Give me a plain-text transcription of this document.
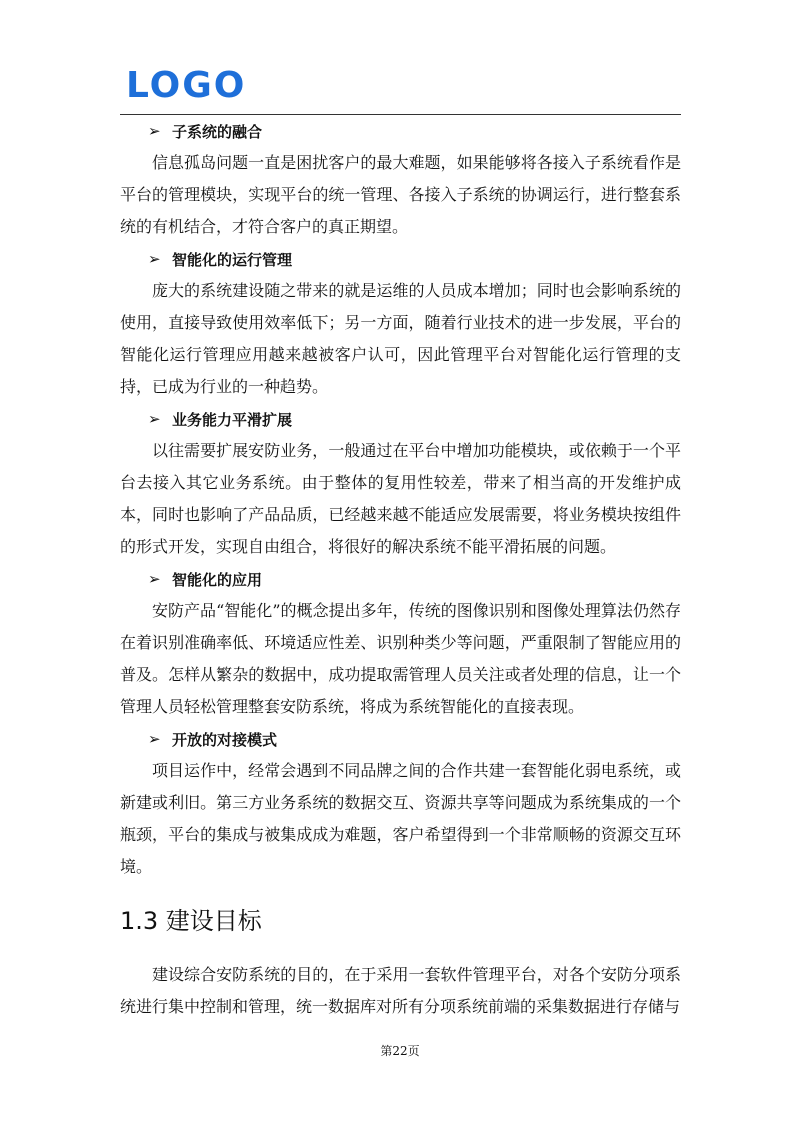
LOGO
➢ 子系统的融合

信息孤岛问题一直是困扰客户的最大难题，如果能够将各接入子系统看作是平台的管理模块，实现平台的统一管理、各接入子系统的协调运行，进行整套系统的有机结合，才符合客户的真正期望。

➢ 智能化的运行管理

庞大的系统建设随之带来的就是运维的人员成本增加；同时也会影响系统的使用，直接导致使用效率低下；另一方面，随着行业技术的进一步发展，平台的智能化运行管理应用越来越被客户认可，因此管理平台对智能化运行管理的支持，已成为行业的一种趋势。

➢ 业务能力平滑扩展

以往需要扩展安防业务，一般通过在平台中增加功能模块，或依赖于一个平台去接入其它业务系统。由于整体的复用性较差，带来了相当高的开发维护成本，同时也影响了产品品质，已经越来越不能适应发展需要，将业务模块按组件的形式开发，实现自由组合，将很好的解决系统不能平滑拓展的问题。

➢ 智能化的应用

安防产品“智能化”的概念提出多年，传统的图像识别和图像处理算法仍然存在着识别准确率低、环境适应性差、识别种类少等问题，严重限制了智能应用的普及。怎样从繁杂的数据中，成功提取需管理人员关注或者处理的信息，让一个管理人员轻松管理整套安防系统，将成为系统智能化的直接表现。

➢ 开放的对接模式

项目运作中，经常会遇到不同品牌之间的合作共建一套智能化弱电系统，或新建或利旧。第三方业务系统的数据交互、资源共享等问题成为系统集成的一个瓶颈，平台的集成与被集成成为难题，客户希望得到一个非常顺畅的资源交互环境。

1.3 建设目标

建设综合安防系统的目的，在于采用一套软件管理平台，对各个安防分项系统进行集中控制和管理，统一数据库对所有分项系统前端的采集数据进行存储与

第22页
